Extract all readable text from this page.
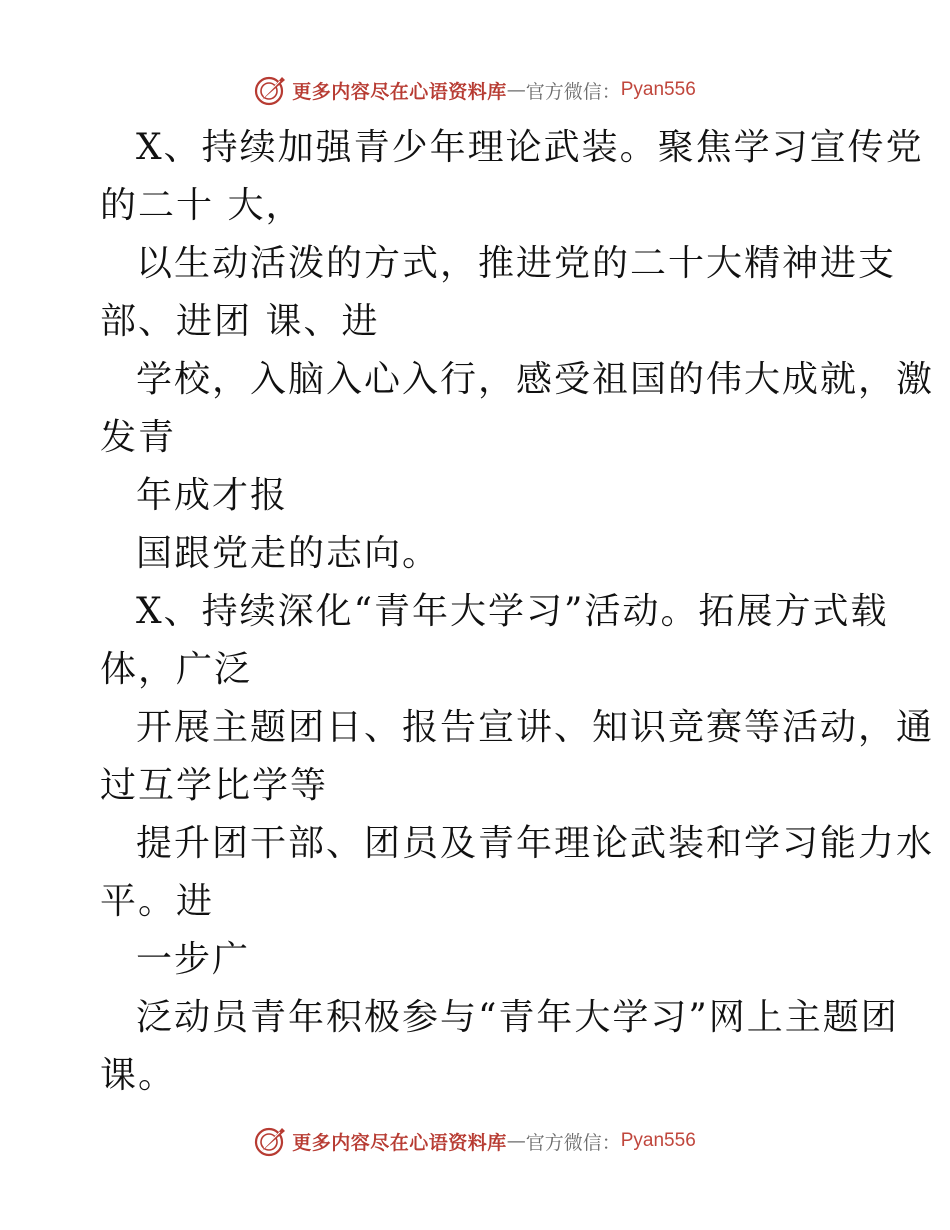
更多内容尽在心语资料库 — 官方微信： Pyan556
X、持续加强青少年理论武装。聚焦学习宣传党
的二十 大，
以生动活泼的方式，推进党的二十大精神进支
部、进团 课、进
学校，入脑入心入行，感受祖国的伟大成就，激
发青
年成才报
国跟党走的志向。
X、持续深化“青年大学习”活动。拓展方式载
体，广泛
开展主题团日、报告宣讲、知识竞赛等活动，通
过互学比学等
提升团干部、团员及青年理论武装和学习能力水
平。进
一步广
泛动员青年积极参与“青年大学习”网上主题团
课。
更多内容尽在心语资料库 — 官方微信： Pyan556
